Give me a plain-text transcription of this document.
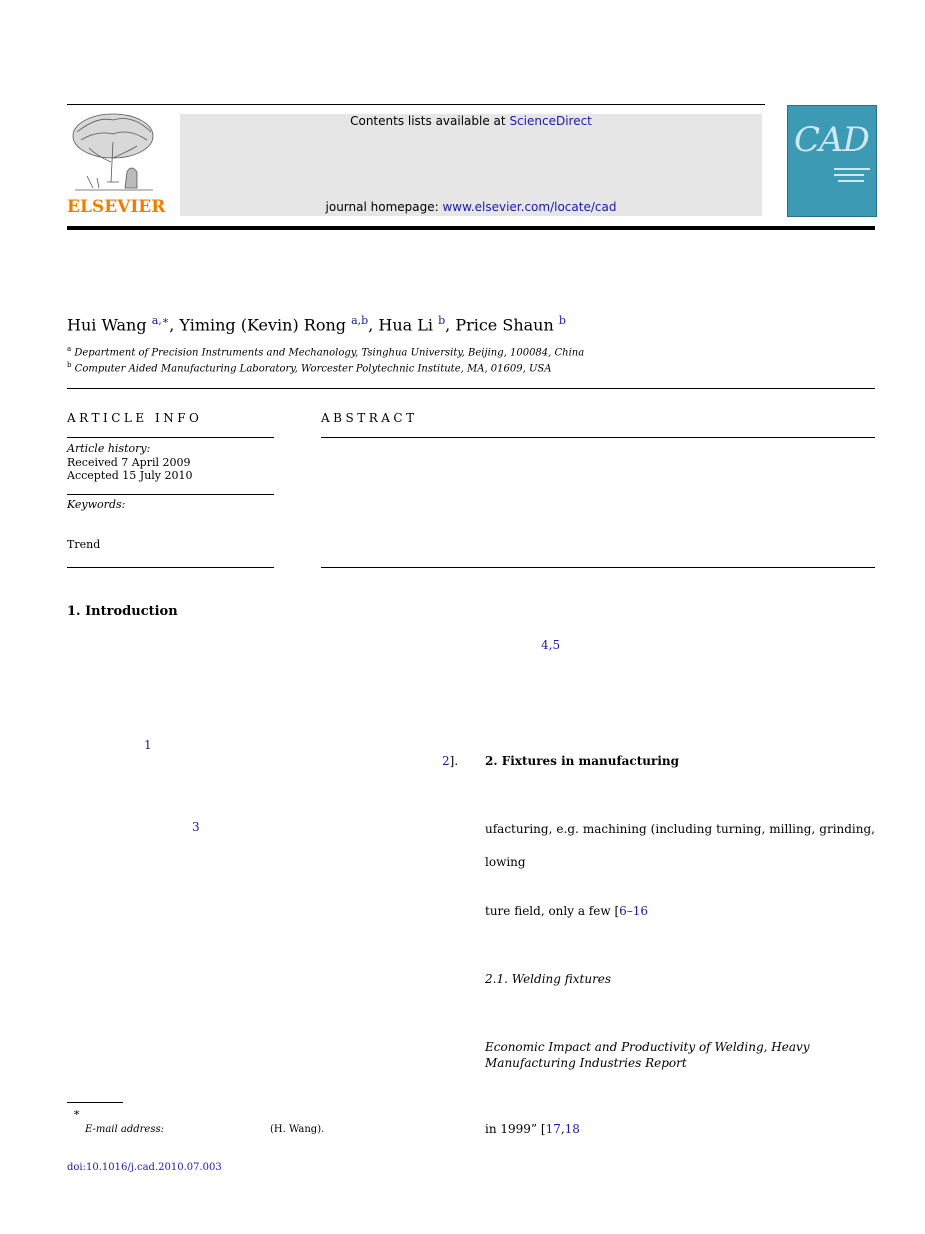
ELSEVIER
Contents lists available at ScienceDirect
journal homepage: www.elsevier.com/locate/cad
CAD
Hui Wang $^{a,∗}$, Yiming (Kevin) Rong $^{a,b}$, Hua Li $^b$, Price Shaun $^b$
$^a$ Department of Precision Instruments and Mechanology, Tsinghua University, Beijing, 100084, China
$^b$ Computer Aided Manufacturing Laboratory, Worcester Polytechnic Institute, MA, 01609, USA
ARTICLE INFO
Article history:
Received 7 April 2009
Accepted 15 July 2010
Keywords:
Trend
ABSTRACT
1. Introduction
4,5
1
2].
3
2. Fixtures in manufacturing
ufacturing, e.g. machining (including turning, milling, grinding,
lowing
ture field, only a few [6–16
2.1. Welding fixtures
Economic Impact and Productivity of Welding, Heavy Manufacturing Industries Report
in 1999” [17,18
∗
E-mail address:	(H. Wang).
doi:10.1016/j.cad.2010.07.003
